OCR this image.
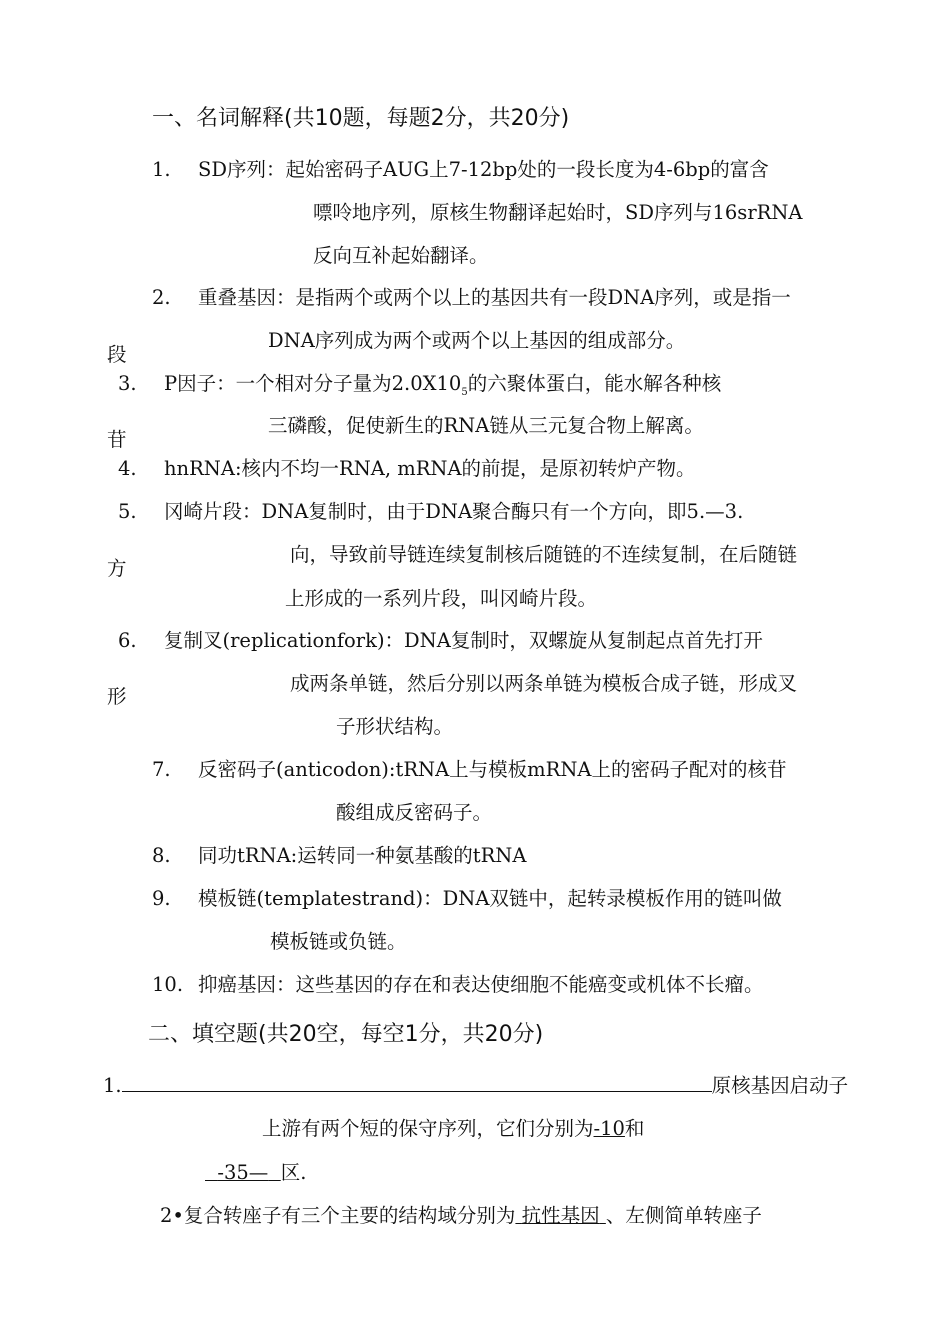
一、名词解释(共10题，每题2分，共20分)
1. SD序列：起始密码子AUG上7-12bp处的一段长度为4-6bp的富含
嘌呤地序列，原核生物翻译起始时，SD序列与16srRNA
反向互补起始翻译。
2. 重叠基因：是指两个或两个以上的基因共有一段DNA序列，或是指一
DNA序列成为两个或两个以上基因的组成部分。
段
3. P因子：一个相对分子量为$2.0X10_5$的六聚体蛋白，能水解各种核
三磷酸，促使新生的RNA链从三元复合物上解离。
苷
4. hnRNA:核内不均一RNA, mRNA的前提，是原初转炉产物。
5. 冈崎片段：DNA复制时，由于DNA聚合酶只有一个方向，即5.—3.
向，导致前导链连续复制核后随链的不连续复制，在后随链
方
上形成的一系列片段，叫冈崎片段。
6. 复制叉(replicationfork)：DNA复制时，双螺旋从复制起点首先打开
成两条单链，然后分别以两条单链为模板合成子链，形成叉
形
子形状结构。
7. 反密码子(anticodon):tRNA上与模板mRNA上的密码子配对的核苷
酸组成反密码子。
8. 同功tRNA:运转同一种氨基酸的tRNA
9. 模板链(templatestrand)：DNA双链中，起转录模板作用的链叫做
模板链或负链。
10. 抑癌基因：这些基因的存在和表达使细胞不能癌变或机体不长瘤。
二、填空题(共20空，每空1分，共20分)
1.	原核基因启动子
上游有两个短的保守序列，它们分别为-10和
-35— 区.
2•复合转座子有三个主要的结构域分别为 抗性基因 、左侧简单转座子
